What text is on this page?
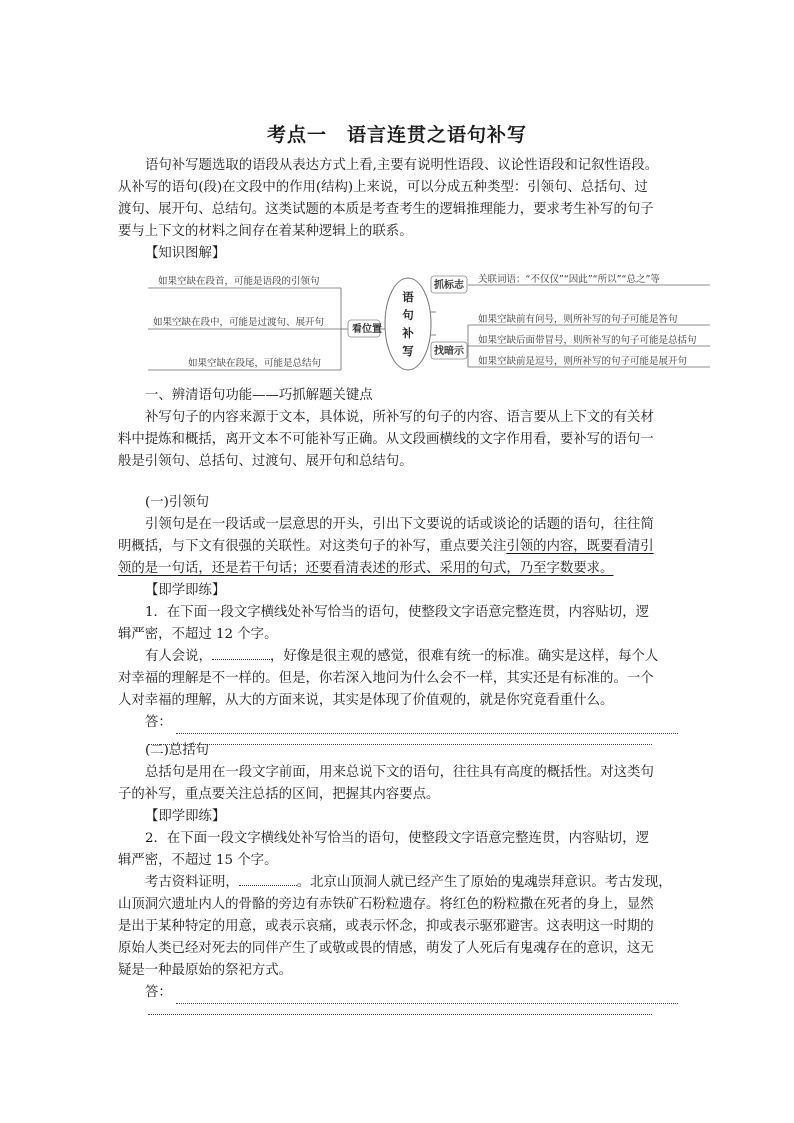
考点一　语言连贯之语句补写

语句补写题选取的语段从表达方式上看,主要有说明性语段、议论性语段和记叙性语段。

从补写的语句(段)在文段中的作用(结构)上来说，可以分成五种类型：引领句、总括句、过

渡句、展开句、总结句。这类试题的本质是考查考生的逻辑推理能力，要求考生补写的句子

要与上下文的材料之间存在着某种逻辑上的联系。

【知识图解】

如果空缺在段首，可能是语段的引领句
如果空缺在段中，可能是过渡句、展开句
如果空缺在段尾，可能是总结句
看位置
抓标志
找暗示
关联词语：“不仅仅”“因此”“所以”“总之”等
如果空缺前有问号，则所补写的句子可能是答句
如果空缺后面带冒号，则所补写的句子可能是总括句
如果空缺前是逗号，则所补写的句子可能是展开句
语
句
补
写

一、辨清语句功能——巧抓解题关键点

补写句子的内容来源于文本，具体说，所补写的句子的内容、语言要从上下文的有关材

料中提炼和概括，离开文本不可能补写正确。从文段画横线的文字作用看，要补写的语句一

般是引领句、总括句、过渡句、展开句和总结句。

(一)引领句

引领句是在一段话或一层意思的开头，引出下文要说的话或谈论的话题的语句，往往简

明概括，与下文有很强的关联性。对这类句子的补写，重点要关注引领的内容，既要看清引

领的是一句话，还是若干句话；还要看清表述的形式、采用的句式，乃至字数要求。

【即学即练】

1．在下面一段文字横线处补写恰当的语句，使整段文字语意完整连贯，内容贴切，逻

辑严密，不超过 12 个字。

有人会说，	，好像是很主观的感觉，很难有统一的标准。确实是这样，每个人

对幸福的理解是不一样的。但是，你若深入地问为什么会不一样，其实还是有标准的。一个

人对幸福的理解，从大的方面来说，其实是体现了价值观的，就是你究竟看重什么。

答：

(二)总括句

总括句是用在一段文字前面，用来总说下文的语句，往往具有高度的概括性。对这类句

子的补写，重点要关注总括的区间，把握其内容要点。

【即学即练】

2．在下面一段文字横线处补写恰当的语句，使整段文字语意完整连贯，内容贴切，逻

辑严密，不超过 15 个字。

考古资料证明，	。北京山顶洞人就已经产生了原始的鬼魂崇拜意识。考古发现，

山顶洞穴遗址内人的骨骼的旁边有赤铁矿石粉粒遗存。将红色的粉粒撒在死者的身上，显然

是出于某种特定的用意，或表示哀痛，或表示怀念，抑或表示驱邪避害。这表明这一时期的

原始人类已经对死去的同伴产生了或敬或畏的情感，萌发了人死后有鬼魂存在的意识，这无

疑是一种最原始的祭祀方式。

答：
